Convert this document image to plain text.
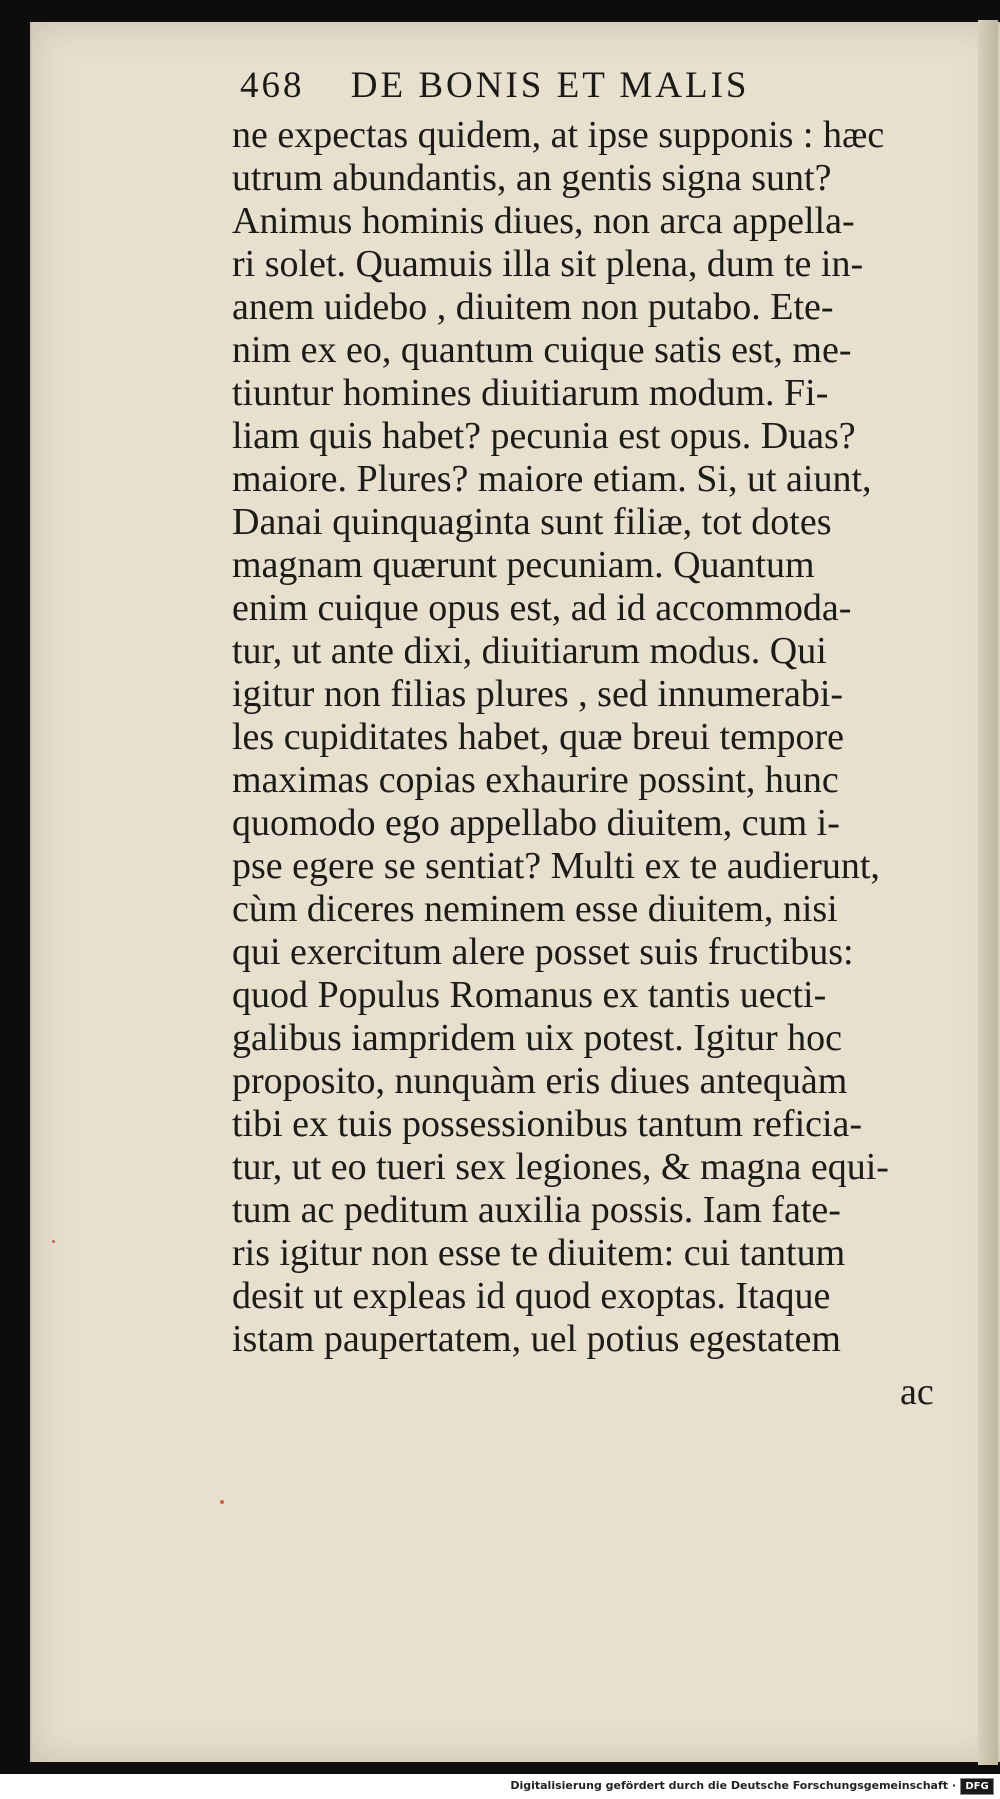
468 DE BONIS ET MALIS
ne expectas quidem, at ipse supponis : hæc
utrum abundantis, an gentis signa sunt?
Animus hominis diues, non arca appella-
ri solet. Quamuis illa sit plena, dum te in-
anem uidebo , diuitem non putabo. Ete-
nim ex eo, quantum cuique satis est, me-
tiuntur homines diuitiarum modum. Fi-
liam quis habet? pecunia est opus. Duas?
maiore. Plures? maiore etiam. Si, ut aiunt,
Danai quinquaginta sunt filiæ, tot dotes
magnam quærunt pecuniam. Quantum
enim cuique opus est, ad id accommoda-
tur, ut ante dixi, diuitiarum modus. Qui
igitur non filias plures , sed innumerabi-
les cupiditates habet, quæ breui tempore
maximas copias exhaurire possint, hunc
quomodo ego appellabo diuitem, cum i-
pse egere se sentiat? Multi ex te audierunt,
cùm diceres neminem esse diuitem, nisi
qui exercitum alere posset suis fructibus:
quod Populus Romanus ex tantis uecti-
galibus iampridem uix potest. Igitur hoc
proposito, nunquàm eris diues antequàm
tibi ex tuis possessionibus tantum reficia-
tur, ut eo tueri sex legiones, & magna equi-
tum ac peditum auxilia possis. Iam fate-
ris igitur non esse te diuitem: cui tantum
desit ut expleas id quod exoptas. Itaque
istam paupertatem, uel potius egestatem
ac
Digitalisierung gefördert durch die Deutsche Forschungsgemeinschaft · DFG
